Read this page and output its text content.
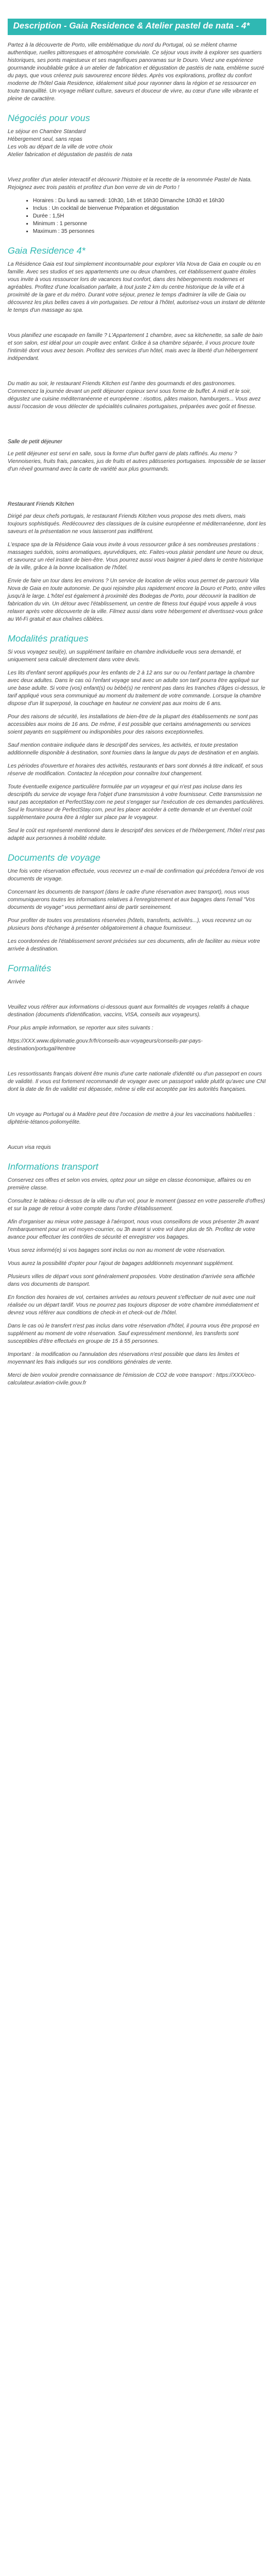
Description - Gaia Residence & Atelier pastel de nata - 4*

Partez à la découverte de Porto, ville emblématique du nord du Portugal, où se mêlent charme authentique, ruelles pittoresques et atmosphère conviviale. Ce séjour vous invite à explorer ses quartiers historiques, ses ponts majestueux et ses magnifiques panoramas sur le Douro. Vivez une expérience gourmande inoubliable grâce à un atelier de fabrication et dégustation de pastéis de nata, emblème sucré du pays, que vous créerez puis savourerez encore tièdes. Après vos explorations, profitez du confort moderne de l'hôtel Gaia Residence, idéalement situé pour rayonner dans la région et se ressourcer en toute tranquillité. Un voyage mêlant culture, saveurs et douceur de vivre, au cœur d'une ville vibrante et pleine de caractère.

Négociés pour vous

Le séjour en Chambre Standard

Hébergement seul, sans repas

Les vols au départ de la ville de votre choix

Atelier fabrication et dégustation de pastéis de nata

Vivez profiter d'un atelier interactif et découvrir l'histoire et la recette de la renommée Pastel de Nata. Rejoignez avec trois pastéis et profitez d'un bon verre de vin de Porto !

• Horaires : Du lundi au samedi: 10h30, 14h et 16h30 Dimanche 10h30 et 16h30
• Inclus : Un cocktail de bienvenue Préparation et dégustation
• Durée : 1,5H
• Minimum : 1 personne
• Maximum : 35 personnes
Gaia Residence 4*

La Résidence Gaia est tout simplement incontournable pour explorer Vila Nova de Gaia en couple ou en famille. Avec ses studios et ses appartements une ou deux chambres, cet établissement quatre étoiles vous invite à vous ressourcer lors de vacances tout confort, dans des hébergements modernes et agréables. Profitez d'une localisation parfaite, à tout juste 2 km du centre historique de la ville et à proximité de la gare et du métro. Durant votre séjour, prenez le temps d'admirer la ville de Gaia ou découvrez les plus belles caves à vin portugaises. De retour à l'hôtel, autorisez-vous un instant de détente le temps d'un massage au spa.

Vous planifiez une escapade en famille ? L'Appartement 1 chambre, avec sa kitchenette, sa salle de bain et son salon, est idéal pour un couple avec enfant. Grâce à sa chambre séparée, il vous procure toute l'intimité dont vous avez besoin. Profitez des services d'un hôtel, mais avec la liberté d'un hébergement indépendant.

Du matin au soir, le restaurant Friends Kitchen est l'antre des gourmands et des gastronomes. Commencez la journée devant un petit déjeuner copieux servi sous forme de buffet. À midi et le soir, dégustez une cuisine méditerranéenne et européenne : risottos, pâtes maison, hamburgers... Vous avez aussi l'occasion de vous délecter de spécialités culinaires portugaises, préparées avec goût et finesse.

Salle de petit déjeuner

Le petit déjeuner est servi en salle, sous la forme d'un buffet garni de plats raffinés. Au menu ? Viennoiseries, fruits frais, pancakes, jus de fruits et autres pâtisseries portugaises. Impossible de se lasser d'un réveil gourmand avec la carte de variété aux plus gourmands.

Restaurant Friends Kitchen

Dirigé par deux chefs portugais, le restaurant Friends Kitchen vous propose des mets divers, mais toujours sophistiqués. Redécouvrez des classiques de la cuisine européenne et méditerranéenne, dont les saveurs et la présentation ne vous laisseront pas indifférent.

L'espace spa de la Résidence Gaia vous invite à vous ressourcer grâce à ses nombreuses prestations : massages suédois, soins aromatiques, ayurvédiques, etc. Faites-vous plaisir pendant une heure ou deux, et savourez un réel instant de bien-être. Vous pourrez aussi vous baigner à pied dans le centre historique de la ville, grâce à la bonne localisation de l'hôtel.

Envie de faire un tour dans les environs ? Un service de location de vélos vous permet de parcourir Vila Nova de Gaia en toute autonomie. De quoi rejoindre plus rapidement encore la Douro et Porto, entre villes jusqu'à le large. L'hôtel est également à proximité des Bodegas de Porto, pour découvrir la tradition de fabrication du vin. Un détour avec l'établissement, un centre de fitness tout équipé vous appelle à vous relaxer après votre découverte de la ville. Filmez aussi dans votre hébergement et divertissez-vous grâce au Wi-Fi gratuit et aux chaînes câblées.

Modalités pratiques

Si vous voyagez seul(e), un supplément tarifaire en chambre individuelle vous sera demandé, et uniquement sera calculé directement dans votre devis.

Les lits d'enfant seront appliqués pour les enfants de 2 à 12 ans sur ou ou l'enfant partage la chambre avec deux adultes. Dans le cas où l'enfant voyage seul avec un adulte son tarif pourra être appliqué sur une base adulte. Si votre (vos) enfant(s) ou bébé(s) ne rentrent pas dans les tranches d'âges ci-dessus, le tarif appliqué vous sera communiqué au moment du traitement de votre commande. Lorsque la chambre dispose d'un lit superposé, la couchage en hauteur ne convient pas aux moins de 6 ans.

Pour des raisons de sécurité, les installations de bien-être de la plupart des établissements ne sont pas accessibles aux moins de 16 ans. De même, il est possible que certains aménagements ou services soient payants en supplément ou indisponibles pour des raisons exceptionnelles.

Sauf mention contraire indiquée dans le descriptif des services, les activités, et toute prestation additionnelle disponible à destination, sont fournies dans la langue du pays de destination et en anglais.

Les périodes d'ouverture et horaires des activités, restaurants et bars sont donnés à titre indicatif, et sous réserve de modification. Contactez la réception pour connaître tout changement.

Toute éventuelle exigence particulière formulée par un voyageur et qui n'est pas incluse dans les descriptifs du service de voyage fera l'objet d'une transmission à votre fournisseur. Cette transmission ne vaut pas acceptation et PerfectStay.com ne peut s'engager sur l'exécution de ces demandes particulières. Seul le fournisseur de PerfectStay.com, peut les placer accéder à cette demande et un éventuel coût supplémentaire pourra être à régler sur place par le voyageur.

Seul le coût est représenté mentionné dans le descriptif des services et de l'hébergement, l'hôtel n'est pas adapté aux personnes à mobilité réduite.

Documents de voyage

Une fois votre réservation effectuée, vous recevrez un e-mail de confirmation qui précédera l'envoi de vos documents de voyage.

Concernant les documents de transport (dans le cadre d'une réservation avec transport), nous vous communiquerons toutes les informations relatives à l'enregistrement et aux bagages dans l'email "Vos documents de voyage" vous permettant ainsi de partir sereinement.

Pour profiter de toutes vos prestations réservées (hôtels, transferts, activités...), vous recevrez un ou plusieurs bons d'échange à présenter obligatoirement à chaque fournisseur.

Les coordonnées de l'établissement seront précisées sur ces documents, afin de faciliter au mieux votre arrivée à destination.

Formalités

Arrivée

Veuillez vous référer aux informations ci-dessous quant aux formalités de voyages relatifs à chaque destination (documents d'identification, vaccins, VISA, conseils aux voyageurs).

Pour plus ample information, se reporter aux sites suivants :

https://XXX.www.diplomatie.gouv.fr/fr/conseils-aux-voyageurs/conseils-par-pays-destination/portugal/#entree

Les ressortissants français doivent être munis d'une carte nationale d'identité ou d'un passeport en cours de validité. Il vous est fortement recommandé de voyager avec un passeport valide plutôt qu'avec une CNI dont la date de fin de validité est dépassée, même si elle est acceptée par les autorités françaises.

Un voyage au Portugal ou à Madère peut être l'occasion de mettre à jour les vaccinations habituelles : diphtérie-tétanos-poliomyélite.

Aucun visa requis

Informations transport

Conservez ces offres et selon vos envies, optez pour un siège en classe économique, affaires ou en première classe.

Consultez le tableau ci-dessus de la ville ou d'un vol, pour le moment (passez en votre passerelle d'offres) et sur la page de retour à votre compte dans l'ordre d'établissement.

Afin d'organiser au mieux votre passage à l'aéroport, nous vous conseillons de vous présenter 2h avant l'embarquement pour un vol moyen-courrier, ou 3h avant si votre vol dure plus de 5h. Profitez de votre avance pour effectuer les contrôles de sécurité et enregistrer vos bagages.

Vous serez informé(e) si vos bagages sont inclus ou non au moment de votre réservation.

Vous aurez la possibilité d'opter pour l'ajout de bagages additionnels moyennant supplément.

Plusieurs villes de départ vous sont généralement proposées. Votre destination d'arrivée sera affichée dans vos documents de transport.

En fonction des horaires de vol, certaines arrivées au retours peuvent s'effectuer de nuit avec une nuit réalisée ou un départ tardif. Vous ne pourrez pas toujours disposer de votre chambre immédiatement et devrez vous référer aux conditions de check-in et check-out de l'hôtel.

Dans le cas où le transfert n'est pas inclus dans votre réservation d'hôtel, il pourra vous être proposé en supplément au moment de votre réservation. Sauf expressément mentionné, les transferts sont susceptibles d'être effectués en groupe de 15 à 55 personnes.

Important : la modification ou l'annulation des réservations n'est possible que dans les limites et moyennant les frais indiqués sur vos conditions générales de vente.

Merci de bien vouloir prendre connaissance de l'émission de CO2 de votre transport : https://XXX/eco-calculateur.aviation-civile.gouv.fr
